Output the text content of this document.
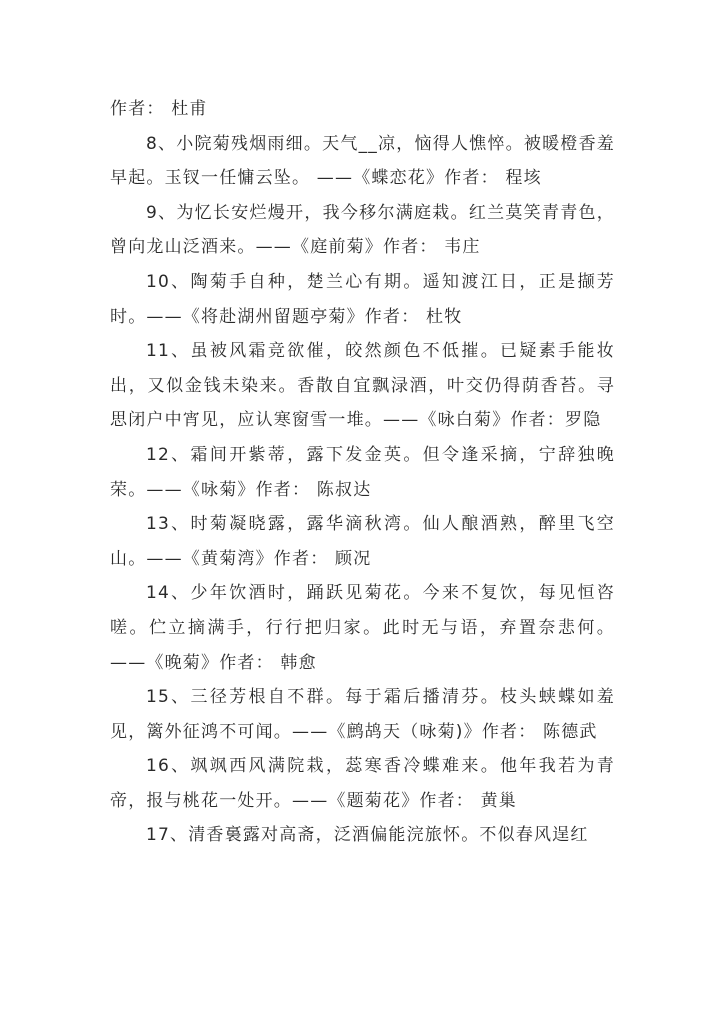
作者： 杜甫

8、小院菊残烟雨细。天气__凉，恼得人憔悴。被暖橙香羞早起。玉钗一任慵云坠。 ——《蝶恋花》作者： 程垓

9、为忆长安烂熳开，我今移尔满庭栽。红兰莫笑青青色，曾向龙山泛酒来。——《庭前菊》作者： 韦庄

10、陶菊手自种，楚兰心有期。遥知渡江日，正是撷芳时。——《将赴湖州留题亭菊》作者： 杜牧

11、虽被风霜竞欲催，皎然颜色不低摧。已疑素手能妆出，又似金钱未染来。香散自宜飘渌酒，叶交仍得荫香苔。寻思闭户中宵见，应认寒窗雪一堆。——《咏白菊》作者：罗隐

12、霜间开紫蒂，露下发金英。但令逢采摘，宁辞独晚荣。——《咏菊》作者： 陈叔达

13、时菊凝晓露，露华滴秋湾。仙人酿酒熟，醉里飞空山。——《黄菊湾》作者： 顾况

14、少年饮酒时，踊跃见菊花。今来不复饮，每见恒咨嗟。伫立摘满手，行行把归家。此时无与语，弃置奈悲何。——《晚菊》作者： 韩愈

15、三径芳根自不群。每于霜后播清芬。枝头蛱蝶如羞见，篱外征鸿不可闻。——《鹧鸪天（咏菊)》作者： 陈德武

16、飒飒西风满院栽，蕊寒香冷蝶难来。他年我若为青帝，报与桃花一处开。——《题菊花》作者： 黄巢

17、清香裛露对高斋，泛酒偏能浣旅怀。不似春风逞红
